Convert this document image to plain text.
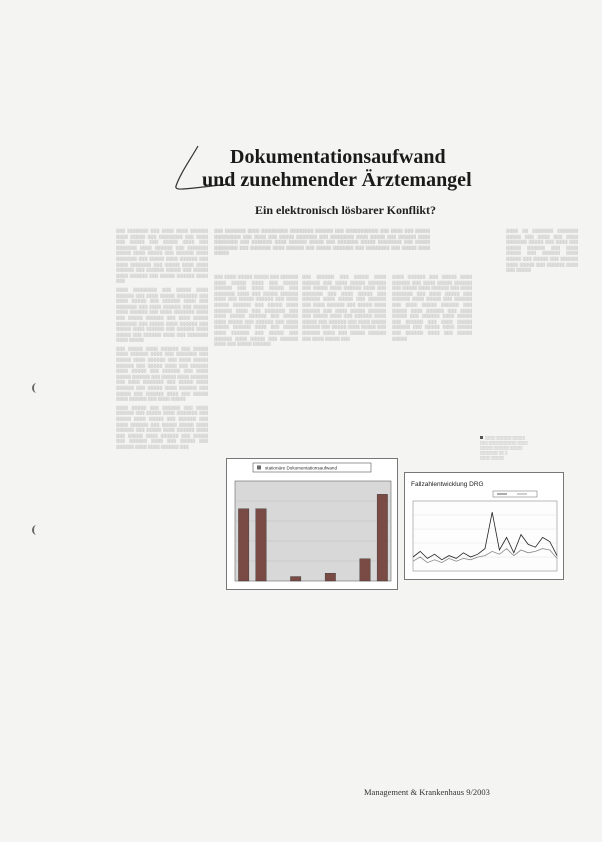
Dokumentationsaufwand
und zunehmender Ärztemangel
Ein elektronisch lösbarer Konflikt?

░░░ ░░░░░░░ ░░░ ░░░░ ░░░░ ░░░░░░ ░░░░ ░░░░░ ░░░ ░░░░░░░░ ░░░ ░░░░ ░░░ ░░░░░ ░░░ ░░░░░ ░░░░ ░░░ ░░░░░░░ ░░░░ ░░░░░░ ░░░ ░░░░░░░ ░░░░░ ░░░░ ░░░░░ ░░░ ░░░░░░ ░░░░ ░░░░░░░ ░░░ ░░░░░ ░░░░ ░░░░░░ ░░░ ░░░░ ░░░░░░░ ░░░ ░░░░░ ░░░░ ░░░░ ░░░░░░ ░░░ ░░░░░░ ░░░░░ ░░░ ░░░░░ ░░░░ ░░░░░░ ░░░ ░░░░░ ░░░░░░ ░░░░ ░░░

░░░░ ░░░░░░░░ ░░░ ░░░░░ ░░░░ ░░░░░░ ░░░ ░░░░ ░░░░░ ░░░░░░░ ░░░ ░░░░ ░░░░░ ░░░ ░░░░░░ ░░░░ ░░░ ░░░░░░░ ░░░ ░░░░ ░░░░░░ ░░░ ░░░░░ ░░░░ ░░░░░░ ░░░ ░░░░ ░░░░░░░ ░░░░ ░░░ ░░░░░ ░░░░░░ ░░░ ░░░░ ░░░░░ ░░░░░░░ ░░░ ░░░░░ ░░░░ ░░░░░░ ░░░ ░░░░░ ░░░░ ░░░░░░ ░░░ ░░░░░░ ░░░░ ░░░░░ ░░░ ░░░░░░ ░░░░ ░░░ ░░░░░░░ ░░░░ ░░░░░

░░░ ░░░░░ ░░░░ ░░░░░░ ░░░ ░░░░░ ░░░░ ░░░░░░ ░░░░ ░░░ ░░░░░░░ ░░░ ░░░░░ ░░░░ ░░░░░░ ░░░ ░░░░ ░░░░░ ░░░░░░ ░░░ ░░░░░ ░░░░ ░░░ ░░░░░░ ░░░░ ░░░░░ ░░░ ░░░░░░ ░░░ ░░░░ ░░░░░ ░░░░░░ ░░░ ░░░░░ ░░░░ ░░░░░░ ░░░ ░░░░ ░░░░░░░ ░░░ ░░░░░ ░░░░ ░░░░░░ ░░░ ░░░░░ ░░░░ ░░░░░░ ░░░ ░░░░░ ░░░ ░░░░░░ ░░░░ ░░░ ░░░░░ ░░░░ ░░░░░░ ░░░ ░░░░ ░░░░░

░░░░ ░░░░░ ░░░ ░░░░░░ ░░░ ░░░░ ░░░░░░ ░░░ ░░░░░ ░░░░ ░░░░░░░ ░░░ ░░░░░ ░░░░ ░░░░░ ░░░ ░░░░░░ ░░░ ░░░░ ░░░░░░ ░░░ ░░░░░ ░░░░░ ░░░░ ░░░░░░ ░░░ ░░░░░ ░░░░ ░░░░░░ ░░░░ ░░░ ░░░░░ ░░░░ ░░░░░░ ░░░ ░░░░░ ░░░ ░░░░░░ ░░░░ ░░░ ░░░░░ ░░░ ░░░░░░ ░░░░ ░░░░ ░░░░░░ ░░░

░░░ ░░░░░░░ ░░░░ ░░░░░░░░░ ░░░░░░░░ ░░░░░░ ░░░ ░░░░░░░░░░░ ░░░ ░░░░ ░░░ ░░░░░ ░░░░░░░░░ ░░░ ░░░░ ░░░ ░░░░░ ░░░░░░░ ░░░ ░░░░░░░░ ░░░░ ░░░░░ ░░░ ░░░░░░ ░░░░ ░░░░░░░░ ░░░ ░░░░░░░ ░░░░ ░░░░░░ ░░░░░ ░░░ ░░░░░░░ ░░░░░ ░░░░░░░░ ░░░ ░░░░░ ░░░░░░░░ ░░░ ░░░░░░░ ░░░░ ░░░░░░ ░░░ ░░░░░ ░░░░░░░ ░░░ ░░░░░░░░ ░░░ ░░░░░ ░░░░ ░░░░░

░░░ ░░░░ ░░░░░ ░░░░░ ░░░ ░░░░░░ ░░░░ ░░░░░ ░░░░ ░░░ ░░░░░ ░░░░░░ ░░░ ░░░░ ░░░░░ ░░░ ░░░░░░░ ░░░░ ░░░ ░░░░░ ░░░░░░ ░░░░ ░░░ ░░░░░ ░░░░░░ ░░░ ░░░░ ░░░░░ ░░░░░░ ░░░ ░░░░░ ░░░░ ░░░░░░ ░░░░ ░░░ ░░░░░░░ ░░░ ░░░░ ░░░░░ ░░░░░░ ░░░ ░░░░░ ░░░░ ░░░░░ ░░░ ░░░░░░ ░░░ ░░░░ ░░░░░ ░░░░░░ ░░░░ ░░░ ░░░░░ ░░░░ ░░░░░░ ░░░ ░░░░░ ░░░ ░░░░░░ ░░░░ ░░░░░ ░░░ ░░░░░░ ░░░░ ░░░ ░░░░░ ░░░░░░

░░░ ░░░░░░ ░░░ ░░░░░ ░░░░ ░░░░░░ ░░░ ░░░░ ░░░░░ ░░░░░░ ░░░ ░░░░░ ░░░░ ░░░░░░ ░░░░ ░░░ ░░░░░░░ ░░░ ░░░░ ░░░░░ ░░░ ░░░░░░ ░░░░ ░░░░░ ░░░ ░░░░░░ ░░░ ░░░░ ░░░░░░ ░░░ ░░░░░ ░░░░ ░░░░░░ ░░░ ░░░░ ░░░░░ ░░░░░░ ░░░ ░░░░░ ░░░░ ░░░ ░░░░░░ ░░░░ ░░░░░ ░░░ ░░░░░░ ░░░ ░░░░ ░░░░░ ░░░░░░ ░░░ ░░░░░ ░░░░ ░░░░░ ░░░ ░░░░░░ ░░░░ ░░░ ░░░░░ ░░░░░░ ░░░ ░░░░ ░░░░░ ░░░

░░░░ ░░░░░░ ░░░ ░░░░░ ░░░░ ░░░░░░ ░░░ ░░░░ ░░░░░ ░░░░░░ ░░░ ░░░░░ ░░░░ ░░░░░░ ░░░ ░░░░ ░░░░░░░ ░░░ ░░░░ ░░░░░ ░░░ ░░░░░░ ░░░░ ░░░░░ ░░░ ░░░░░░ ░░░ ░░░░ ░░░░░ ░░░░░░ ░░░ ░░░░░ ░░░░ ░░░░░░ ░░░ ░░░░ ░░░░░ ░░░ ░░░░░░ ░░░░ ░░░░░ ░░░ ░░░░░░ ░░░ ░░░░ ░░░░░ ░░░░░░ ░░░ ░░░░░ ░░░░ ░░░░░ ░░░ ░░░░░░ ░░░░ ░░░ ░░░░░ ░░░░░

░░░░ ░░ ░░░░░░░ ░░░░░░░ ░░░░░ ░░░ ░░░░ ░░░ ░░░░ ░░░░░░░ ░░░░░ ░░░ ░░░░ ░░░ ░░░░░ ░░░░░░ ░░░ ░░░░ ░░░░░ ░░░ ░░░░░░ ░░░░ ░░░░░ ░░░ ░░░░░ ░░░ ░░░░░░ ░░░░ ░░░░░ ░░░ ░░░░░░ ░░░░ ░░░ ░░░░░

░░░░ ░░░░░░ ░░░░░
░░░ ░░░░░░░░░░░ ░░░░
░░░░░ ░░░░░░ ░░░░░
░░░░░░░ ░░ ░
░░░░ ░░░░░
stationäre Dokumentationsaufwand
Fallzahlentwicklung DRG
Management & Krankenhaus 9/2003
